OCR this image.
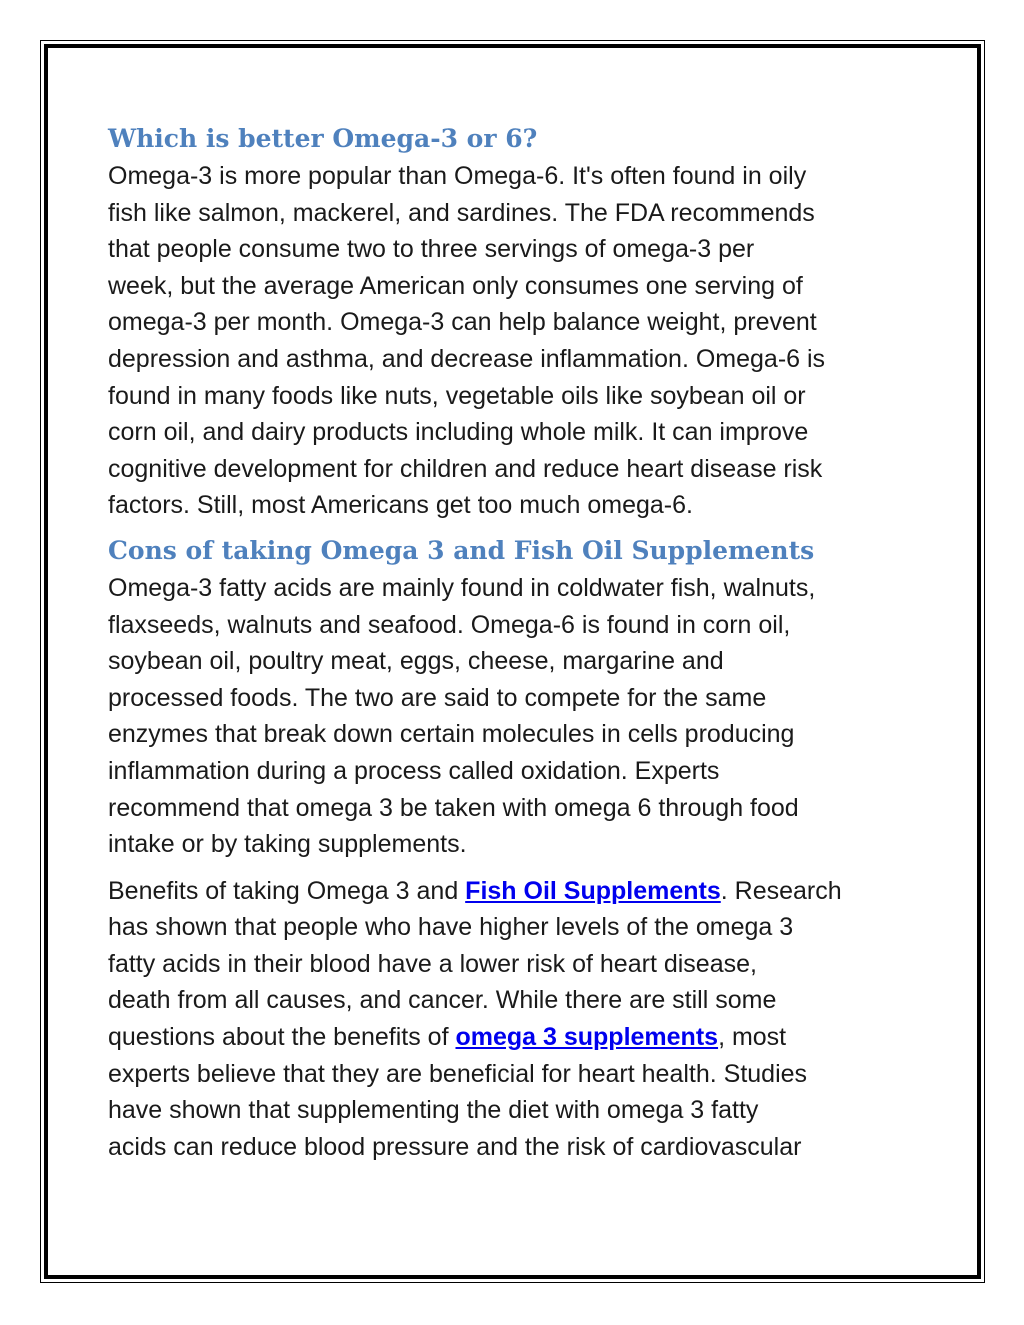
Which is better Omega-3 or 6?

Omega-3 is more popular than Omega-6. It's often found in oily

fish like salmon, mackerel, and sardines. The FDA recommends

that people consume two to three servings of omega-3 per

week, but the average American only consumes one serving of

omega-3 per month. Omega-3 can help balance weight, prevent

depression and asthma, and decrease inflammation. Omega-6 is

found in many foods like nuts, vegetable oils like soybean oil or

corn oil, and dairy products including whole milk. It can improve

cognitive development for children and reduce heart disease risk

factors. Still, most Americans get too much omega-6.

Cons of taking Omega 3 and Fish Oil Supplements

Omega-3 fatty acids are mainly found in coldwater fish, walnuts,

flaxseeds, walnuts and seafood. Omega-6 is found in corn oil,

soybean oil, poultry meat, eggs, cheese, margarine and

processed foods. The two are said to compete for the same

enzymes that break down certain molecules in cells producing

inflammation during a process called oxidation. Experts

recommend that omega 3 be taken with omega 6 through food

intake or by taking supplements.

Benefits of taking Omega 3 and Fish Oil Supplements. Research

has shown that people who have higher levels of the omega 3

fatty acids in their blood have a lower risk of heart disease,

death from all causes, and cancer. While there are still some

questions about the benefits of omega 3 supplements, most

experts believe that they are beneficial for heart health. Studies

have shown that supplementing the diet with omega 3 fatty

acids can reduce blood pressure and the risk of cardiovascular
